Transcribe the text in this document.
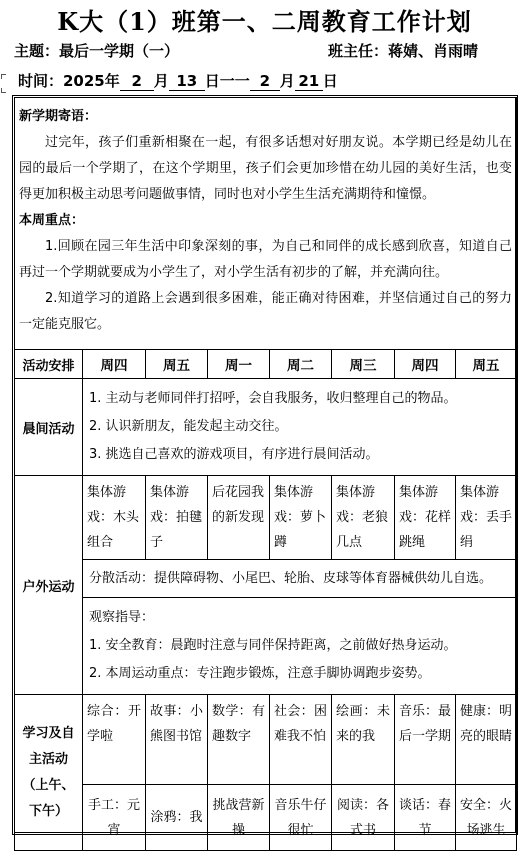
K大（1）班第一、二周教育工作计划
主题：最后一学期（一）	班主任：蒋婧、肖雨晴
时间：2025年 2 月 13 日一一 2 月 21 日
新学期寄语：
过完年，孩子们重新相聚在一起，有很多话想对好朋友说。本学期已经是幼儿在园的最后一个学期了，在这个学期里，孩子们会更加珍惜在幼儿园的美好生活，也变得更加积极主动思考问题做事情，同时也对小学生生活充满期待和憧憬。
本周重点：
1.回顾在园三年生活中印象深刻的事，为自己和同伴的成长感到欣喜，知道自己再过一个学期就要成为小学生了，对小学生活有初步的了解，并充满向往。
2.知道学习的道路上会遇到很多困难，能正确对待困难，并坚信通过自己的努力一定能克服它。							

活动安排	周四	周五	周一	周二	周三	周四	周五
晨间活动	1. 主动与老师同伴打招呼，会自我服务，收归整理自己的物品。
2. 认识新朋友，能发起主动交往。
3. 挑选自己喜欢的游戏项目，有序进行晨间活动。						

户外运动	集体游戏：木头组合	集体游戏：拍毽子	后花园我的新发现	集体游戏：萝卜蹲	集体游戏：老狼几点	集体游戏：花样跳绳	集体游戏：丢手绢
	分散活动：提供障碍物、小尾巴、轮胎、皮球等体育器械供幼儿自选。						

	观察指导：
1. 安全教育：晨跑时注意与同伴保持距离，之前做好热身运动。
2. 本周运动重点：专注跑步锻炼，注意手脚协调跑步姿势。						

学习及自
主活动
（上午、
下午）	综合：开学啦	故事：小熊图书馆	数学：有趣数字	社会：困难我不怕	绘画：未来的我	音乐：最后一学期	健康：明亮的眼睛
	手工：元宵	涂鸦：我	挑战营新操	音乐牛仔很忙	阅读：各式书	谈话：春节	安全：火场逃生
